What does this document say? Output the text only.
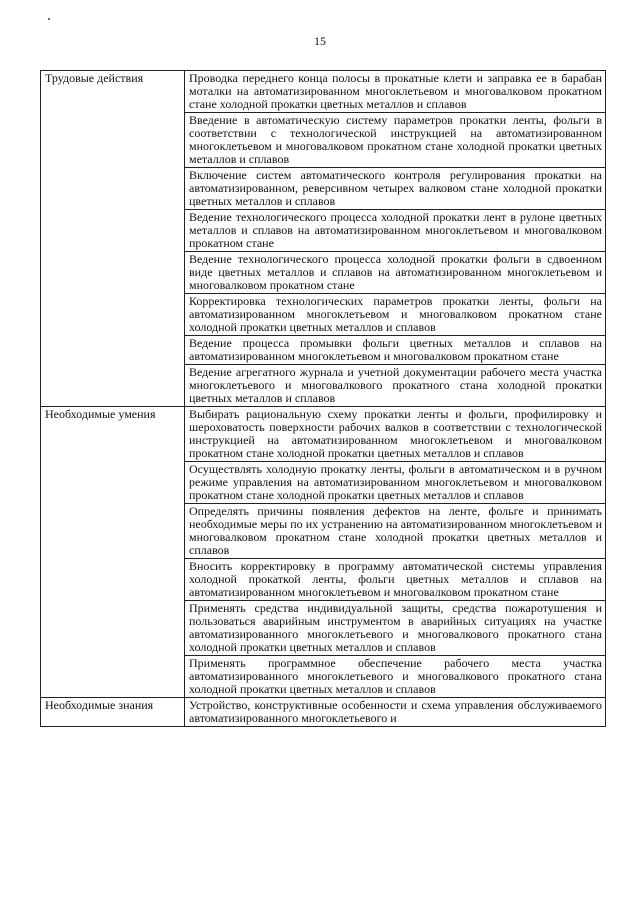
15
Трудовые действия	Проводка переднего конца полосы в прокатные клети и заправка ее в барабан моталки на автоматизированном многоклетьевом и многовалковом прокатном стане холодной прокатки цветных металлов и сплавов
	Введение в автоматическую систему параметров прокатки ленты, фольги в соответствии с технологической инструкцией на автоматизированном многоклетьевом и многовалковом прокатном стане холодной прокатки цветных металлов и сплавов
	Включение систем автоматического контроля регулирования прокатки на автоматизированном, реверсивном четырех валковом стане холодной прокатки цветных металлов и сплавов
	Ведение технологического процесса холодной прокатки лент в рулоне цветных металлов и сплавов на автоматизированном многоклетьевом и многовалковом прокатном стане
	Ведение технологического процесса холодной прокатки фольги в сдвоенном виде цветных металлов и сплавов на автоматизированном многоклетьевом и многовалковом прокатном стане
	Корректировка технологических параметров прокатки ленты, фольги на автоматизированном многоклетьевом и многовалковом прокатном стане холодной прокатки цветных металлов и сплавов
	Ведение процесса промывки фольги цветных металлов и сплавов на автоматизированном многоклетьевом и многовалковом прокатном стане
	Ведение агрегатного журнала и учетной документации рабочего места участка многоклетьевого и многовалкового прокатного стана холодной прокатки цветных металлов и сплавов
Необходимые умения	Выбирать рациональную схему прокатки ленты и фольги, профилировку и шероховатость поверхности рабочих валков в соответствии с технологической инструкцией на автоматизированном многоклетьевом и многовалковом прокатном стане холодной прокатки цветных металлов и сплавов
	Осуществлять холодную прокатку ленты, фольги в автоматическом и в ручном режиме управления на автоматизированном многоклетьевом и многовалковом прокатном стане холодной прокатки цветных металлов и сплавов
	Определять причины появления дефектов на ленте, фольге и принимать необходимые меры по их устранению на автоматизированном многоклетьевом и многовалковом прокатном стане холодной прокатки цветных металлов и сплавов
	Вносить корректировку в программу автоматической системы управления холодной прокаткой ленты, фольги цветных металлов и сплавов на автоматизированном многоклетьевом и многовалковом прокатном стане
	Применять средства индивидуальной защиты, средства пожаротушения и пользоваться аварийным инструментом в аварийных ситуациях на участке автоматизированного многоклетьевого и многовалкового прокатного стана холодной прокатки цветных металлов и сплавов
	Применять программное обеспечение рабочего места участка автоматизированного многоклетьевого и многовалкового прокатного стана холодной прокатки цветных металлов и сплавов
Необходимые знания	Устройство, конструктивные особенности и схема управления обслуживаемого автоматизированного многоклетьевого и
